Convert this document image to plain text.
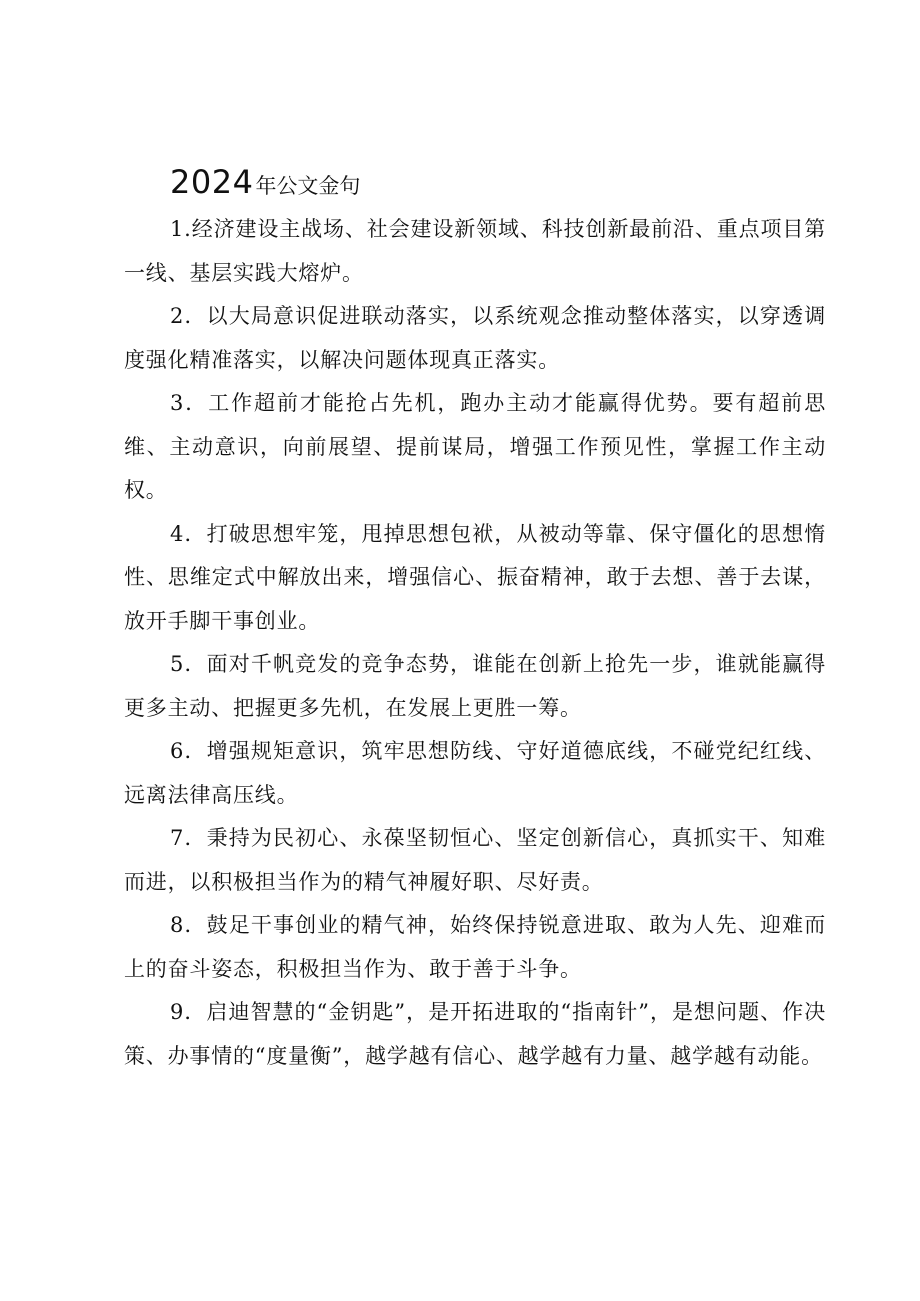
2024年公文金句

1.经济建设主战场、社会建设新领域、科技创新最前沿、重点项目第一线、基层实践大熔炉。

2．以大局意识促进联动落实，以系统观念推动整体落实，以穿透调度强化精准落实，以解决问题体现真正落实。

3．工作超前才能抢占先机，跑办主动才能赢得优势。要有超前思维、主动意识，向前展望、提前谋局，增强工作预见性，掌握工作主动权。

4．打破思想牢笼，甩掉思想包袱，从被动等靠、保守僵化的思想惰性、思维定式中解放出来，增强信心、振奋精神，敢于去想、善于去谋，放开手脚干事创业。

5．面对千帆竞发的竞争态势，谁能在创新上抢先一步，谁就能赢得更多主动、把握更多先机，在发展上更胜一筹。

6．增强规矩意识，筑牢思想防线、守好道德底线，不碰党纪红线、远离法律高压线。

7．秉持为民初心、永葆坚韧恒心、坚定创新信心，真抓实干、知难而进，以积极担当作为的精气神履好职、尽好责。

8．鼓足干事创业的精气神，始终保持锐意进取、敢为人先、迎难而上的奋斗姿态，积极担当作为、敢于善于斗争。

9．启迪智慧的“金钥匙”，是开拓进取的“指南针”，是想问题、作决策、办事情的“度量衡”，越学越有信心、越学越有力量、越学越有动能。
